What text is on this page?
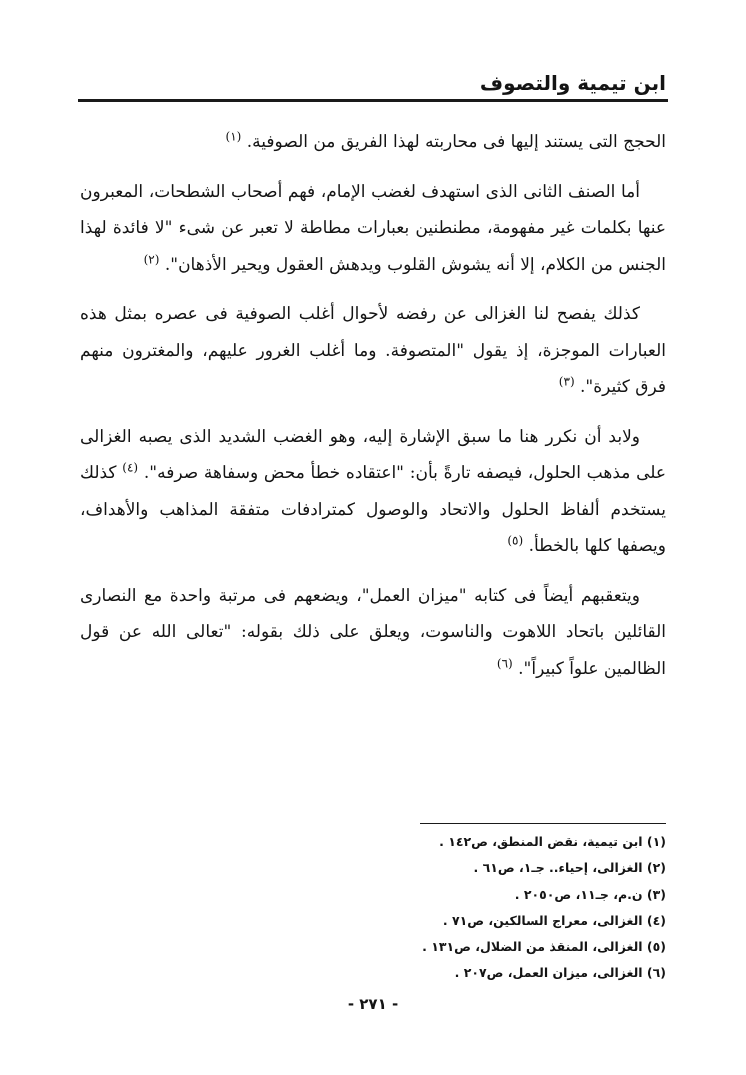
ابن تيمية والتصوف

الحجج التى يستند إليها فى محاربته لهذا الفريق من الصوفية. $^{(١)}$

أما الصنف الثانى الذى استهدف لغضب الإمام، فهم أصحاب الشطحات، المعبرون عنها بكلمات غير مفهومة، مطنطنين بعبارات مطاطة لا تعبر عن شىء "لا فائدة لهذا الجنس من الكلام، إلا أنه يشوش القلوب ويدهش العقول ويحير الأذهان". $^{(٢)}$

كذلك يفصح لنا الغزالى عن رفضه لأحوال أغلب الصوفية فى عصره بمثل هذه العبارات الموجزة، إذ يقول "المتصوفة. وما أغلب الغرور عليهم، والمغترون منهم فرق كثيرة". $^{(٣)}$

ولابد أن نكرر هنا ما سبق الإشارة إليه، وهو الغضب الشديد الذى يصبه الغزالى على مذهب الحلول، فيصفه تارةً بأن: "اعتقاده خطأ محض وسفاهة صرفه". $^{(٤)}$ كذلك يستخدم ألفاظ الحلول والاتحاد والوصول كمترادفات متفقة المذاهب والأهداف، ويصفها كلها بالخطأ. $^{(٥)}$

ويتعقبهم أيضاً فى كتابه "ميزان العمل"، ويضعهم فى مرتبة واحدة مع النصارى القائلين باتحاد اللاهوت والناسوت، ويعلق على ذلك بقوله: "تعالى الله عن قول الظالمين علواً كبيراً". $^{(٦)}$

(١) ابن تيمية، نقض المنطق، ص١٤٢ .
(٢) الغزالى، إحياء.. جـ١، ص٦١ .
(٣) ن.م، جـ١١، ص٢٠٥٠ .
(٤) الغزالى، معراج السالكين، ص٧١ .
(٥) الغزالى، المنقذ من الضلال، ص١٣١ .
(٦) الغزالى، ميزان العمل، ص٢٠٧ .
- ٢٧١ -
